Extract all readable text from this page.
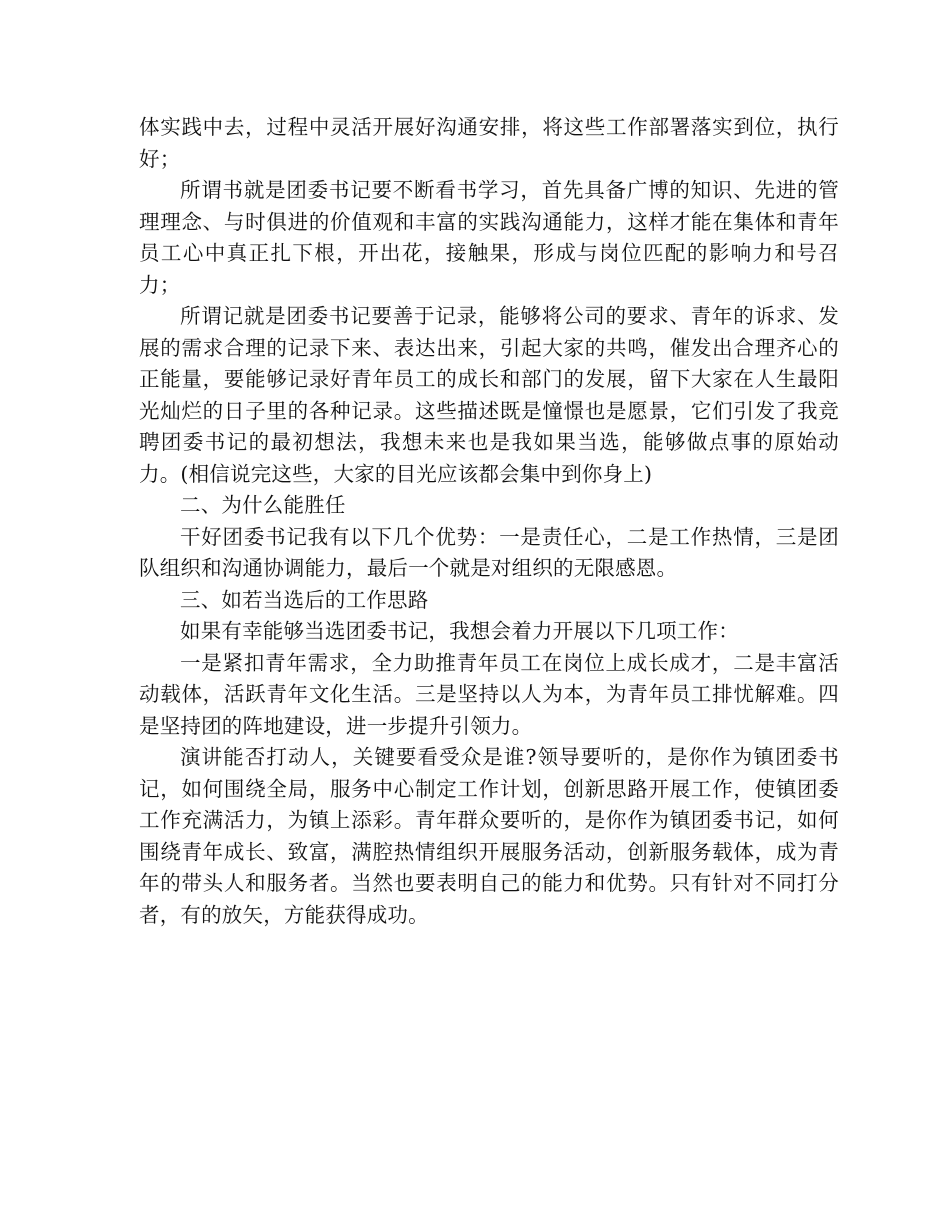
体实践中去，过程中灵活开展好沟通安排，将这些工作部署落实到位，执行好；

所谓书就是团委书记要不断看书学习，首先具备广博的知识、先进的管理理念、与时俱进的价值观和丰富的实践沟通能力，这样才能在集体和青年员工心中真正扎下根，开出花，接触果，形成与岗位匹配的影响力和号召力；

所谓记就是团委书记要善于记录，能够将公司的要求、青年的诉求、发展的需求合理的记录下来、表达出来，引起大家的共鸣，催发出合理齐心的正能量，要能够记录好青年员工的成长和部门的发展，留下大家在人生最阳光灿烂的日子里的各种记录。这些描述既是憧憬也是愿景，它们引发了我竞聘团委书记的最初想法，我想未来也是我如果当选，能够做点事的原始动力。(相信说完这些，大家的目光应该都会集中到你身上)

二、为什么能胜任

干好团委书记我有以下几个优势：一是责任心，二是工作热情，三是团队组织和沟通协调能力，最后一个就是对组织的无限感恩。

三、如若当选后的工作思路

如果有幸能够当选团委书记，我想会着力开展以下几项工作：

一是紧扣青年需求，全力助推青年员工在岗位上成长成才，二是丰富活动载体，活跃青年文化生活。三是坚持以人为本，为青年员工排忧解难。四是坚持团的阵地建设，进一步提升引领力。

演讲能否打动人，关键要看受众是谁?领导要听的，是你作为镇团委书记，如何围绕全局，服务中心制定工作计划，创新思路开展工作，使镇团委工作充满活力，为镇上添彩。青年群众要听的，是你作为镇团委书记，如何围绕青年成长、致富，满腔热情组织开展服务活动，创新服务载体，成为青年的带头人和服务者。当然也要表明自己的能力和优势。只有针对不同打分者，有的放矢，方能获得成功。
